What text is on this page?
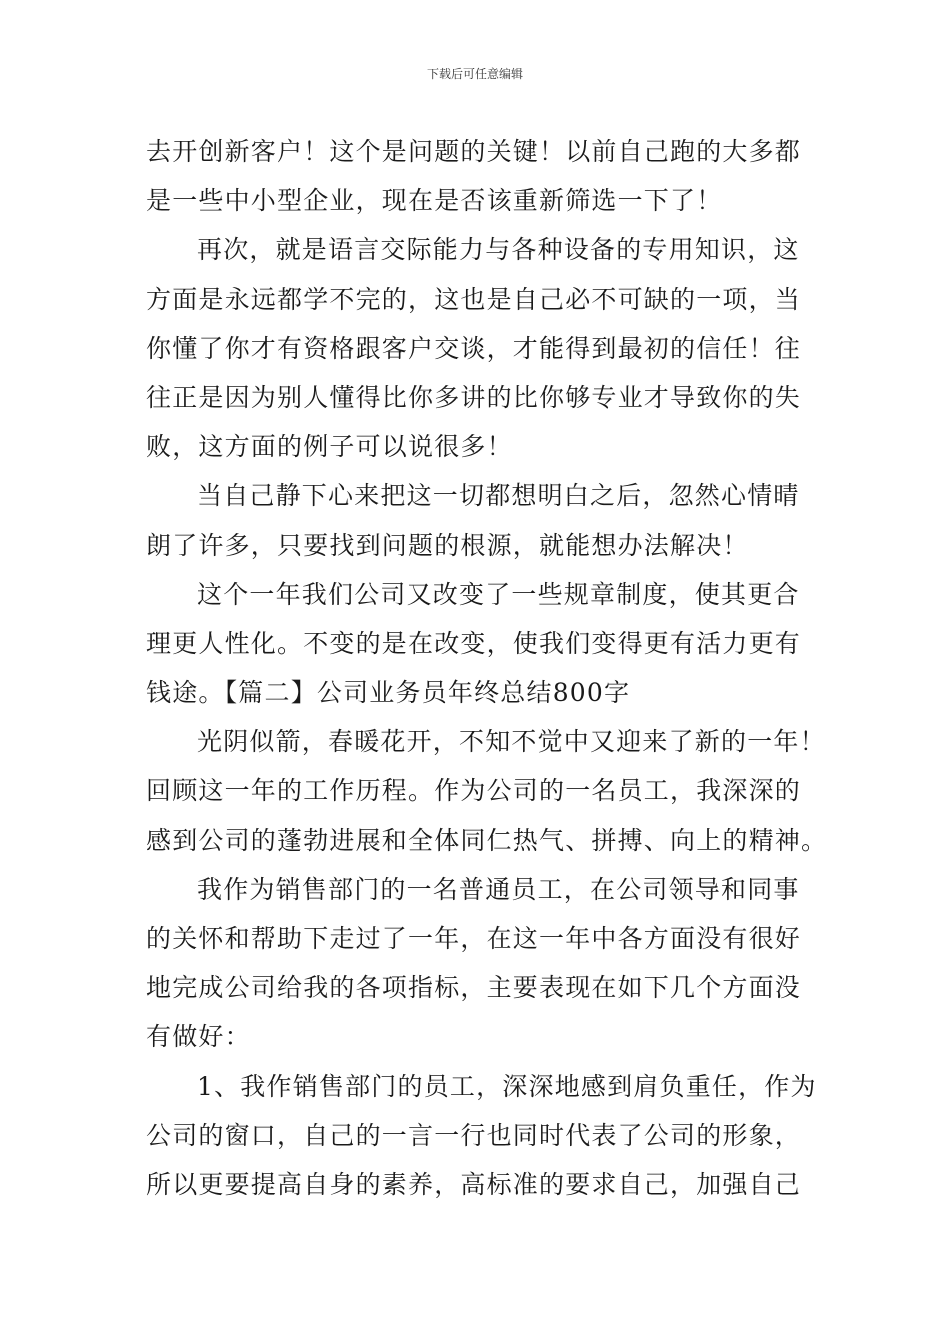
下载后可任意编辑
去开创新客户！这个是问题的关键！以前自己跑的大多都
是一些中小型企业，现在是否该重新筛选一下了！
再次，就是语言交际能力与各种设备的专用知识，这
方面是永远都学不完的，这也是自己必不可缺的一项，当
你懂了你才有资格跟客户交谈，才能得到最初的信任！往
往正是因为别人懂得比你多讲的比你够专业才导致你的失
败，这方面的例子可以说很多！
当自己静下心来把这一切都想明白之后，忽然心情晴
朗了许多，只要找到问题的根源，就能想办法解决！
这个一年我们公司又改变了一些规章制度，使其更合
理更人性化。不变的是在改变，使我们变得更有活力更有
钱途。【篇二】公司业务员年终总结800字
光阴似箭，春暖花开，不知不觉中又迎来了新的一年！
回顾这一年的工作历程。作为公司的一名员工，我深深的
感到公司的蓬勃进展和全体同仁热气、拼搏、向上的精神。
我作为销售部门的一名普通员工，在公司领导和同事
的关怀和帮助下走过了一年，在这一年中各方面没有很好
地完成公司给我的各项指标，主要表现在如下几个方面没
有做好：
1、我作销售部门的员工，深深地感到肩负重任，作为
公司的窗口，自己的一言一行也同时代表了公司的形象，
所以更要提高自身的素养，高标准的要求自己，加强自己
